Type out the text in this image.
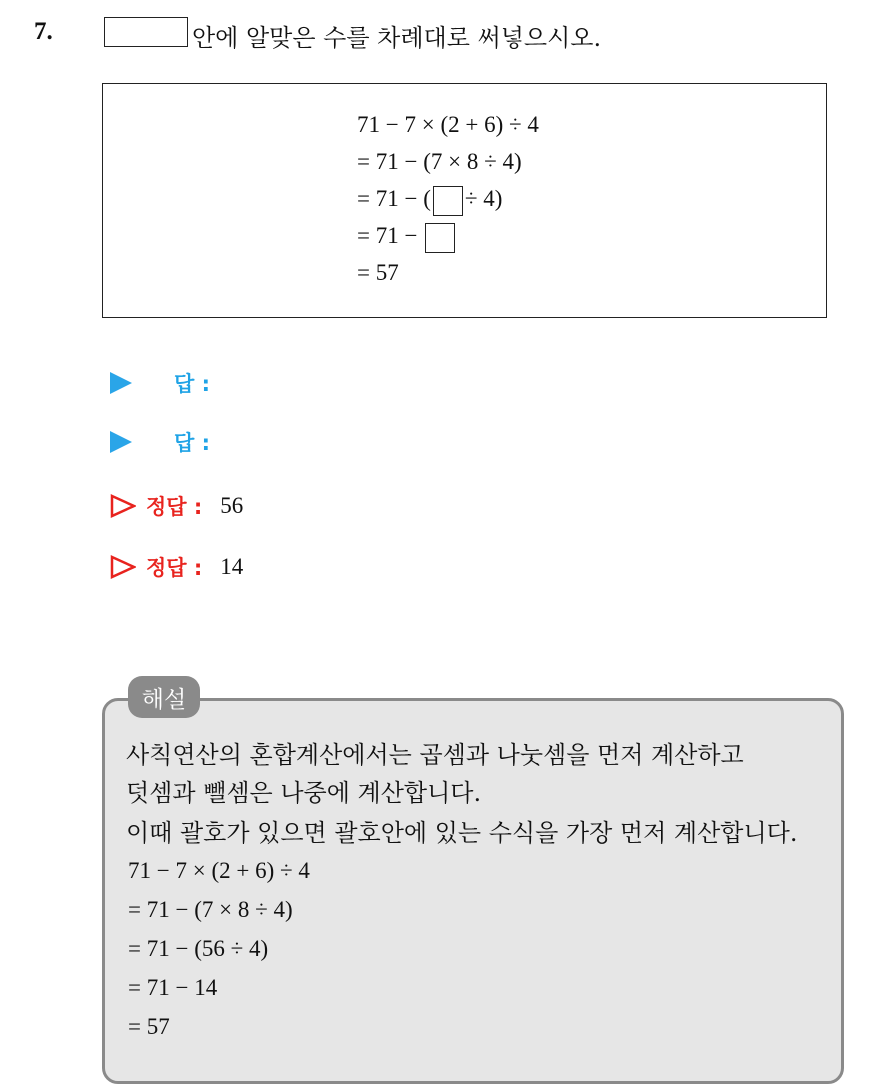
7.	안에 알맞은 수를 차례대로 써넣으시오.
71 − 7 × (2 + 6) ÷ 4
= 71 − (7 × 8 ÷ 4)
= 71 − ( ÷ 4)
= 71 −
= 57
답 :
답 :
정답 : 56
정답 : 14
해설
사칙연산의 혼합계산에서는 곱셈과 나눗셈을 먼저 계산하고
덧셈과 뺄셈은 나중에 계산합니다.
이때 괄호가 있으면 괄호안에 있는 수식을 가장 먼저 계산합니다.
71 − 7 × (2 + 6) ÷ 4
= 71 − (7 × 8 ÷ 4)
= 71 − (56 ÷ 4)
= 71 − 14
= 57
